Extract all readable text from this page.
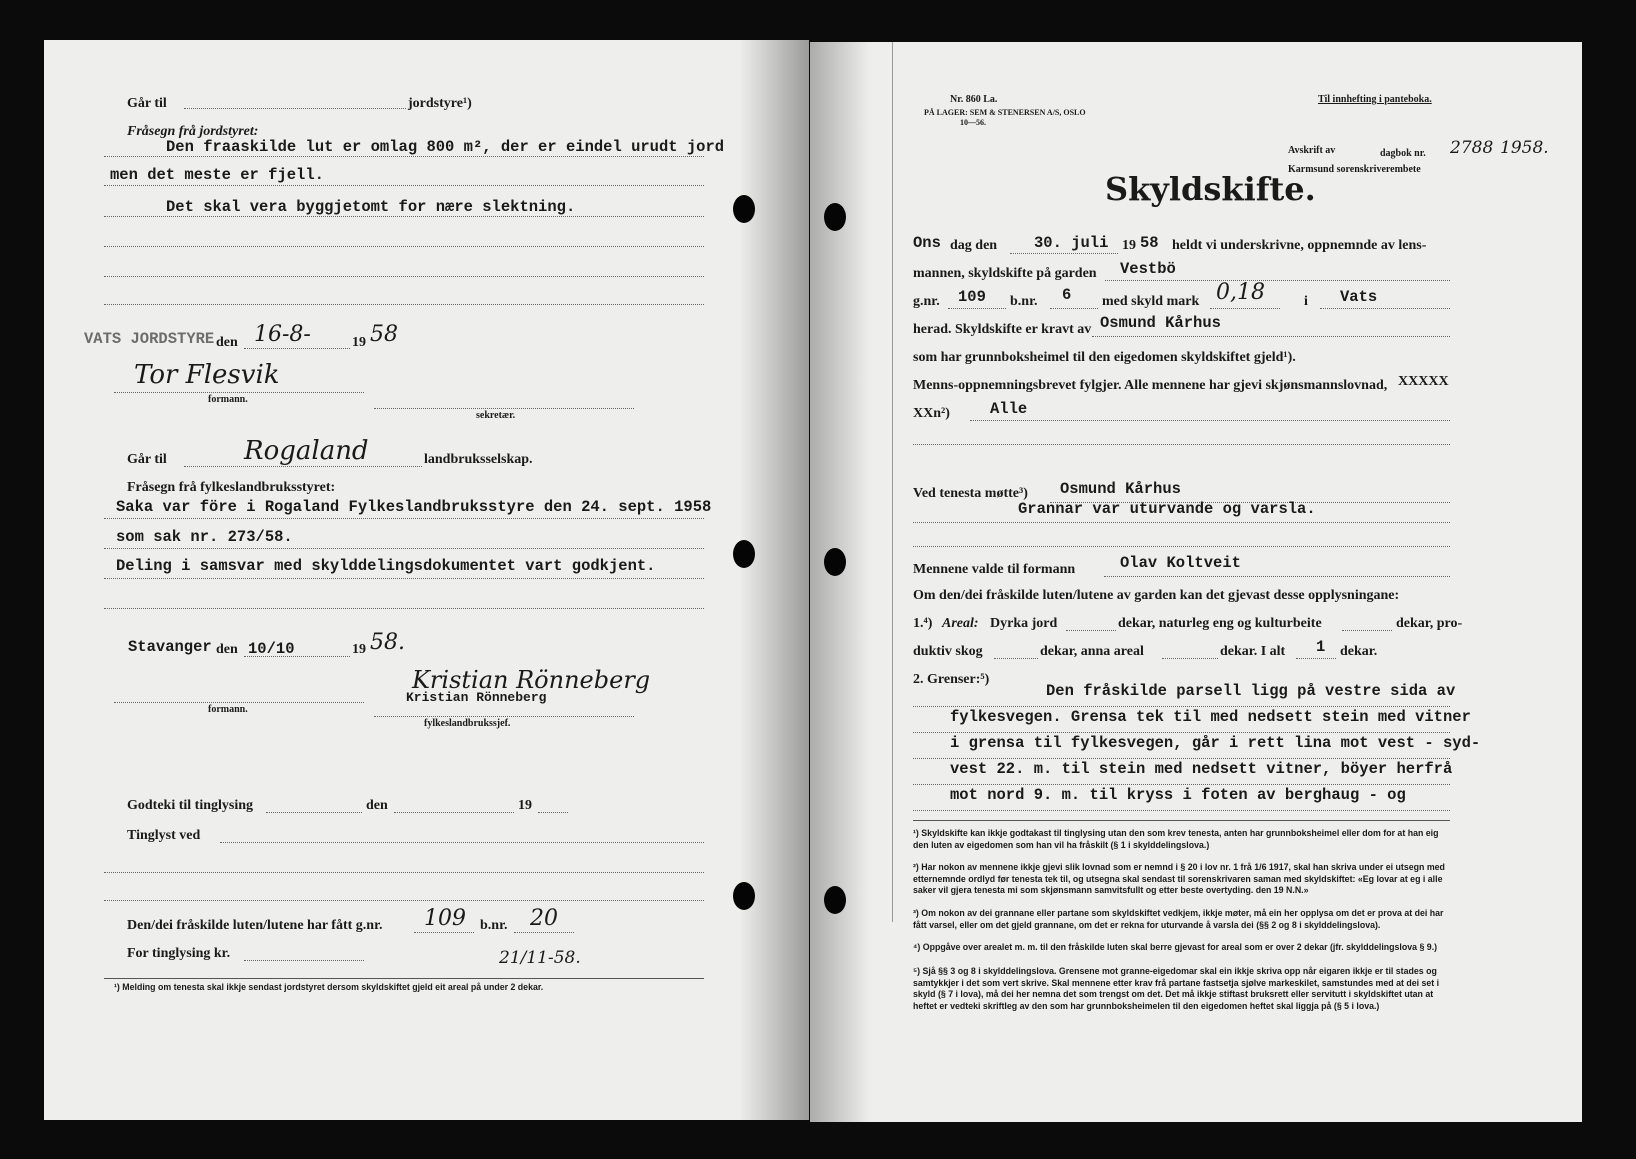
Går til	jordstyre¹)
Fråsegn frå jordstyret:
Den fraaskilde lut er omlag 800 m², der er eindel urudt jord
men det meste er fjell.
Det skal vera byggjetomt for nære slektning.
VATS JORDSTYRE den 16-8-	19 58
Tor Flesvik
formann.
sekretær.
Går til	Rogaland	landbruksselskap.
Fråsegn frå fylkeslandbruksstyret:
Saka var före i Rogaland Fylkeslandbruksstyre den 24. sept. 1958
som sak nr. 273/58.
Deling i samsvar med skylddelingsdokumentet vart godkjent.
Stavanger den 10/10	19 58.
Kristian Rönneberg
Kristian Rönneberg
formann.
fylkeslandbrukssjef.
Godteki til tinglysing	den	19
Tinglyst ved
Den/dei fråskilde luten/lutene har fått g.nr. 109 b.nr. 20
For tinglysing kr.	21/11-58.
¹) Melding om tenesta skal ikkje sendast jordstyret dersom skyldskiftet gjeld eit areal på under 2 dekar.
Nr. 860 La.
PÅ LAGER: SEM & STENERSEN A/S, OSLO
10—56.
Til innhefting i panteboka.
Avskrift av	dagbok nr. 2788 1958.
Karmsund sorenskriverembete
Skyldskifte.
Ons dag den 30. juli 19 58 heldt vi underskrivne, oppnemnde av lens-
mannen, skyldskifte på garden Vestbö
g.nr. 109 b.nr. 6 med skyld mark 0,18	i Vats
herad. Skyldskifte er kravt av Osmund Kårhus
som har grunnboksheimel til den eigedomen skyldskiftet gjeld¹).
Menns-oppnemningsbrevet fylgjer. Alle mennene har gjevi skjønsmannslovnad, XXXXX
XXn²)	Alle
Ved tenesta møtte³) Osmund Kårhus
Grannar var uturvande og varsla.
Mennene valde til formann	Olav Koltveit
Om den/dei fråskilde luten/lutene av garden kan det gjevast desse opplysningane:
1.⁴) Areal: Dyrka jord	dekar, naturleg eng og kulturbeite	dekar, pro-
duktiv skog	dekar, anna areal	dekar. I alt 1 dekar.
2. Grenser:⁵)
Den fråskilde parsell ligg på vestre sida av
fylkesvegen. Grensa tek til med nedsett stein med vitner
i grensa til fylkesvegen, går i rett lina mot vest - syd-
vest 22. m. til stein med nedsett vitner, böyer herfrå
mot nord 9. m. til kryss i foten av berghaug - og
¹) Skyldskifte kan ikkje godtakast til tinglysing utan den som krev tenesta, anten har grunnboksheimel eller dom for at han eig den luten av eigedomen som han vil ha fråskilt (§ 1 i skylddelingslova.)
²) Har nokon av mennene ikkje gjevi slik lovnad som er nemnd i § 20 i lov nr. 1 frå 1/6 1917, skal han skriva under ei utsegn med etternemnde ordlyd før tenesta tek til, og utsegna skal sendast til sorenskrivaren saman med skyldskiftet: «Eg lovar at eg i alle saker vil gjera tenesta mi som skjønsmann samvitsfullt og etter beste overtyding. den 19 N.N.»
³) Om nokon av dei grannane eller partane som skyldskiftet vedkjem, ikkje møter, må ein her opplysa om det er prova at dei har fått varsel, eller om det gjeld grannane, om det er rekna for uturvande å varsla dei (§§ 2 og 8 i skylddelingslova).
⁴) Oppgåve over arealet m. m. til den fråskilde luten skal berre gjevast for areal som er over 2 dekar (jfr. skylddelingslova § 9.)
⁵) Sjå §§ 3 og 8 i skylddelingslova. Grensene mot granne-eigedomar skal ein ikkje skriva opp når eigaren ikkje er til stades og samtykkjer i det som vert skrive. Skal mennene etter krav frå partane fastsetja sjølve markeskilet, samstundes med at dei set i skyld (§ 7 i lova), må dei her nemna det som trengst om det. Det må ikkje stiftast bruksrett eller servitutt i skyldskiftet utan at heftet er vedteki skriftleg av den som har grunnboksheimelen til den eigedomen heftet skal liggja på (§ 5 i lova.)
